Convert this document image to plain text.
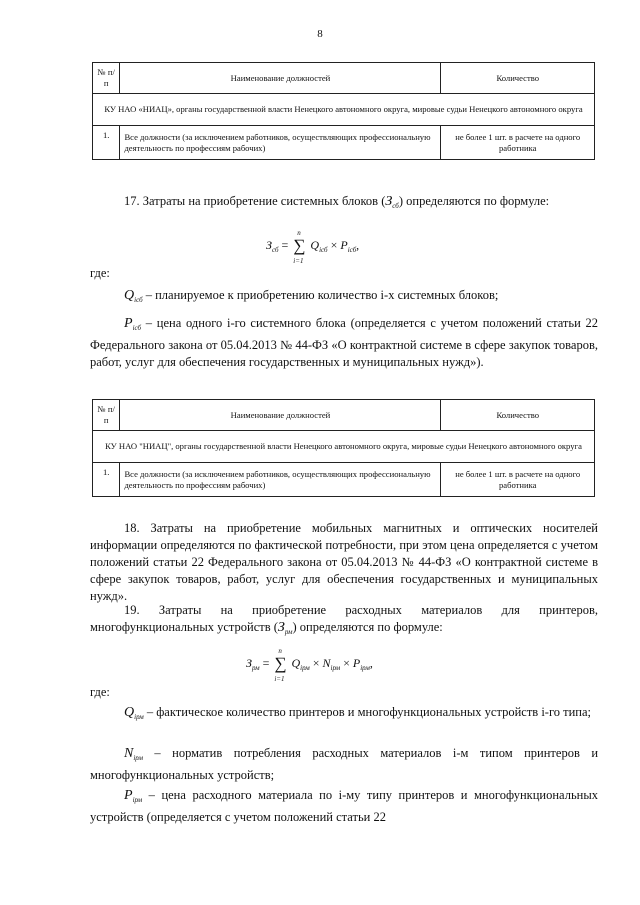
8
№ п/п	Наименование должностей	Количество
КУ НАО «НИАЦ», органы государственной власти Ненецкого автономного округа, мировые судьи Ненецкого автономного округа		
1.	Все должности (за исключением работников, осуществляющих профессиональную деятельность по профессиям рабочих)	не более 1 шт. в расчете на одного работника
17. Затраты на приобретение системных блоков $(З_{сб})$ определяются по формуле:
$З_{сб}$ = ∑
n
i=1
$Q_{iсб} \times P_{iсб}$,
где:
$Q_{iсб}$ – планируемое к приобретению количество i-х системных блоков;
$P_{iсб}$ – цена одного i-го системного блока (определяется с учетом положений статьи 22 Федерального закона от 05.04.2013 № 44-ФЗ «О контрактной системе в сфере закупок товаров, работ, услуг для обеспечения государственных и муниципальных нужд»).
№ п/п	Наименование должностей	Количество
КУ НАО "НИАЦ", органы государственной власти Ненецкого автономного округа, мировые судьи Ненецкого автономного округа		
1.	Все должности (за исключением работников, осуществляющих профессиональную деятельность по профессиям рабочих)	не более 1 шт. в расчете на одного работника
18. Затраты на приобретение мобильных магнитных и оптических носителей информации определяются по фактической потребности, при этом цена определяется с учетом положений статьи 22 Федерального закона от 05.04.2013 № 44-ФЗ «О контрактной системе в сфере закупок товаров, работ, услуг для обеспечения государственных и муниципальных нужд».
19. Затраты на приобретение расходных материалов для принтеров, многофункциональных устройств $(З_{рм})$ определяются по формуле:
$З_{рм}$ = ∑
n
i=1
$Q_{iрм} \times N_{iрм} \times P_{iрм}$,
где:
$Q_{iрм}$ – фактическое количество принтеров и многофункциональных устройств i-го типа;
$N_{iрм}$ – норматив потребления расходных материалов i-м типом принтеров и многофункциональных устройств;
$P_{iрм}$ – цена расходного материала по i-му типу принтеров и многофункциональных устройств (определяется с учетом положений статьи 22
